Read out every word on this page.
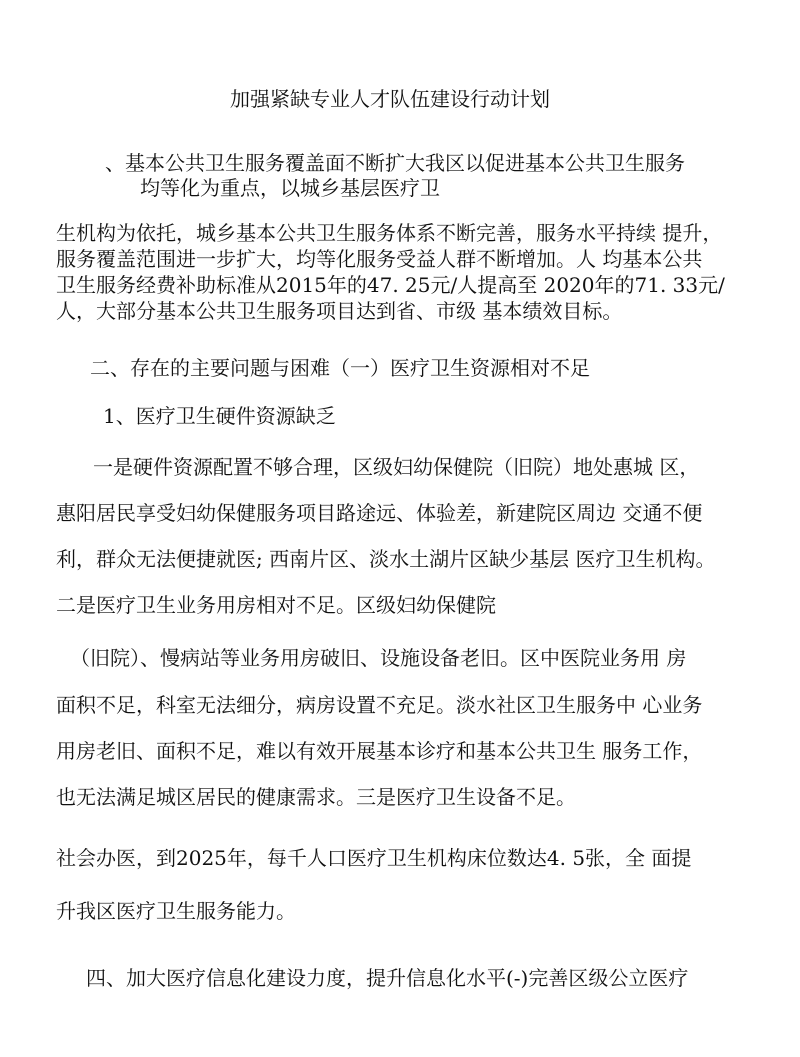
加强紧缺专业人才队伍建设行动计划
、基本公共卫生服务覆盖面不断扩大我区以促进基本公共卫生服务
均等化为重点，以城乡基层医疗卫
生机构为依托，城乡基本公共卫生服务体系不断完善，服务水平持续 提升，
服务覆盖范围进一步扩大，均等化服务受益人群不断增加。人 均基本公共
卫生服务经费补助标准从2015年的47. 25元/人提高至 2020年的71. 33元/
人，大部分基本公共卫生服务项目达到省、市级 基本绩效目标。
二、存在的主要问题与困难（一）医疗卫生资源相对不足
1、医疗卫生硬件资源缺乏
一是硬件资源配置不够合理，区级妇幼保健院（旧院）地处惠城 区，
惠阳居民享受妇幼保健服务项目路途远、体验差，新建院区周边 交通不便
利，群众无法便捷就医; 西南片区、淡水土湖片区缺少基层 医疗卫生机构。
二是医疗卫生业务用房相对不足。区级妇幼保健院
（旧院）、慢病站等业务用房破旧、设施设备老旧。区中医院业务用 房
面积不足，科室无法细分，病房设置不充足。淡水社区卫生服务中 心业务
用房老旧、面积不足，难以有效开展基本诊疗和基本公共卫生 服务工作，
也无法满足城区居民的健康需求。三是医疗卫生设备不足。
社会办医，到2025年，每千人口医疗卫生机构床位数达4. 5张，全 面提
升我区医疗卫生服务能力。
四、加大医疗信息化建设力度，提升信息化水平(-)完善区级公立医疗
